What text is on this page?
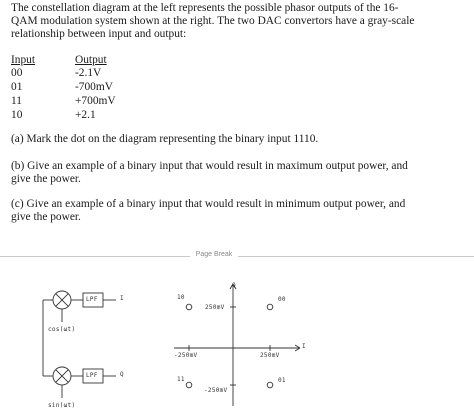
The constellation diagram at the left represents the possible phasor outputs of the 16-
QAM modulation system shown at the right. The two DAC convertors have a gray-scale
relationship between input and output:
Input	Output
00	-2.1V
01	-700mV
11	+700mV
10	+2.1
(a) Mark the dot on the diagram representing the binary input 1110.
(b) Give an example of a binary input that would result in maximum output power, and
give the power.
(c) Give an example of a binary input that would result in minimum output power, and
give the power.
Page Break
LPF
LPF
I
Q
cos(ωt)
sin(ωt)
Q
I
10	00
11	01
250mV
-250mV	250mV
-250mV
